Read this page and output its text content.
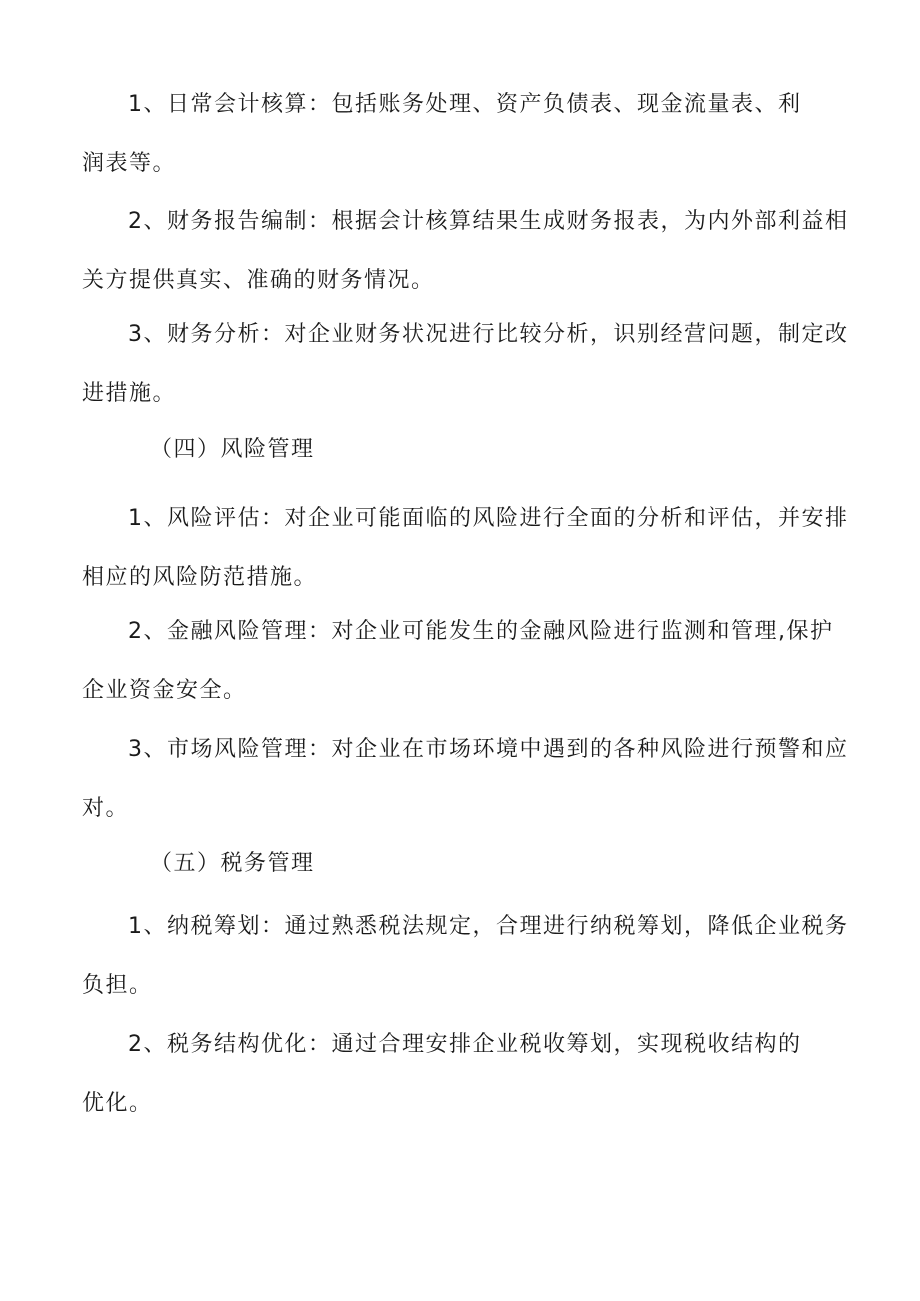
1、日常会计核算：包括账务处理、资产负债表、现金流量表、利
润表等。
2、财务报告编制：根据会计核算结果生成财务报表，为内外部利益相
关方提供真实、准确的财务情况。
3、财务分析：对企业财务状况进行比较分析，识别经营问题，制定改
进措施。
（四）风险管理
1、风险评估：对企业可能面临的风险进行全面的分析和评估，并安排
相应的风险防范措施。
2、金融风险管理：对企业可能发生的金融风险进行监测和管理,保护
企业资金安全。
3、市场风险管理：对企业在市场环境中遇到的各种风险进行预警和应
对。
（五）税务管理
1、纳税筹划：通过熟悉税法规定，合理进行纳税筹划，降低企业税务
负担。
2、税务结构优化：通过合理安排企业税收筹划，实现税收结构的
优化。
